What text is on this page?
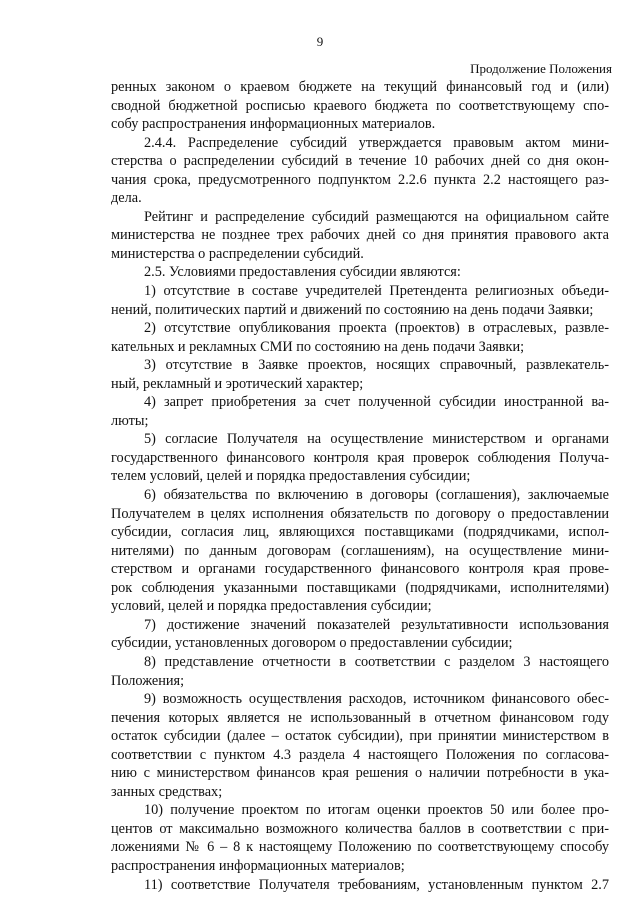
9
Продолжение Положения
ренных законом о краевом бюджете на текущий финансовый год и (или)
сводной бюджетной росписью краевого бюджета по соответствующему спо-
собу распространения информационных материалов.
2.4.4. Распределение субсидий утверждается правовым актом мини-
стерства о распределении субсидий в течение 10 рабочих дней со дня окон-
чания срока, предусмотренного подпунктом 2.2.6 пункта 2.2 настоящего раз-
дела.
Рейтинг и распределение субсидий размещаются на официальном сайте
министерства не позднее трех рабочих дней со дня принятия правового акта
министерства о распределении субсидий.
2.5. Условиями предоставления субсидии являются:
1) отсутствие в составе учредителей Претендента религиозных объеди-
нений, политических партий и движений по состоянию на день подачи Заявки;
2) отсутствие опубликования проекта (проектов) в отраслевых, развле-
кательных и рекламных СМИ по состоянию на день подачи Заявки;
3) отсутствие в Заявке проектов, носящих справочный, развлекатель-
ный, рекламный и эротический характер;
4) запрет приобретения за счет полученной субсидии иностранной ва-
люты;
5) согласие Получателя на осуществление министерством и органами
государственного финансового контроля края проверок соблюдения Получа-
телем условий, целей и порядка предоставления субсидии;
6) обязательства по включению в договоры (соглашения), заключаемые
Получателем в целях исполнения обязательств по договору о предоставлении
субсидии, согласия лиц, являющихся поставщиками (подрядчиками, испол-
нителями) по данным договорам (соглашениям), на осуществление мини-
стерством и органами государственного финансового контроля края прове-
рок соблюдения указанными поставщиками (подрядчиками, исполнителями)
условий, целей и порядка предоставления субсидии;
7) достижение значений показателей результативности использования
субсидии, установленных договором о предоставлении субсидии;
8) представление отчетности в соответствии с разделом 3 настоящего
Положения;
9) возможность осуществления расходов, источником финансового обес-
печения которых является не использованный в отчетном финансовом году
остаток субсидии (далее – остаток субсидии), при принятии министерством в
соответствии с пунктом 4.3 раздела 4 настоящего Положения по согласова-
нию с министерством финансов края решения о наличии потребности в ука-
занных средствах;
10) получение проектом по итогам оценки проектов 50 или более про-
центов от максимально возможного количества баллов в соответствии с при-
ложениями № 6 – 8 к настоящему Положению по соответствующему способу
распространения информационных материалов;
11) соответствие Получателя требованиям, установленным пунктом 2.7
